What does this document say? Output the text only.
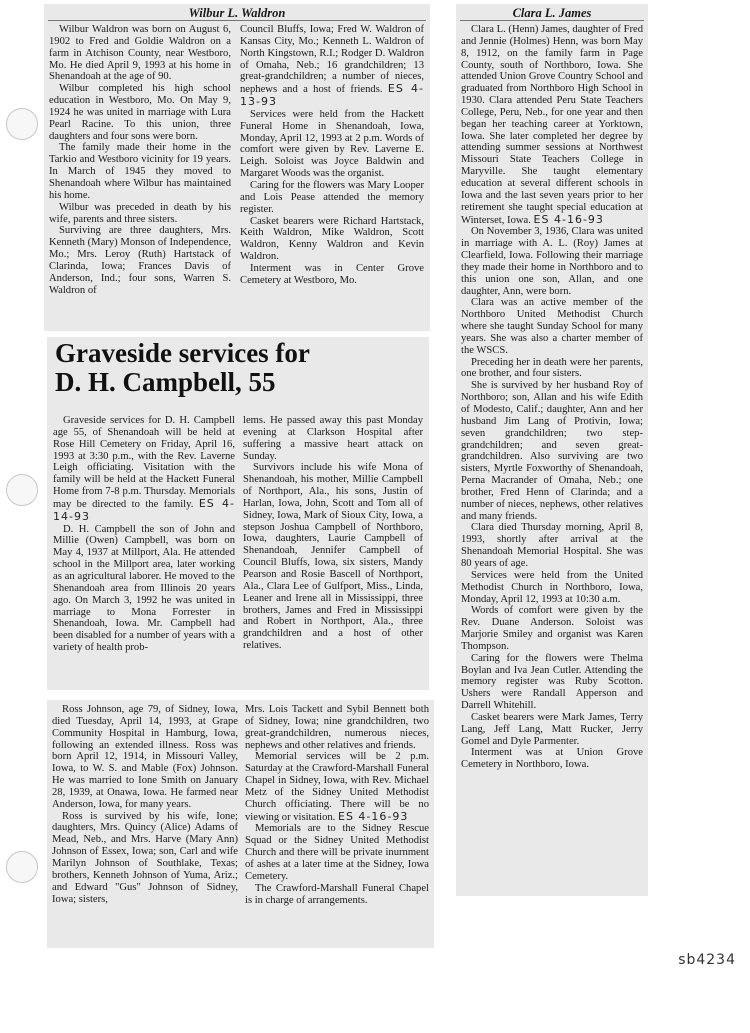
Wilbur L. Waldron

Wilbur Waldron was born on August 6, 1902 to Fred and Goldie Waldron on a farm in Atchison County, near Westboro, Mo. He died April 9, 1993 at his home in Shenandoah at the age of 90.

Wilbur completed his high school education in Westboro, Mo. On May 9, 1924 he was united in marriage with Lura Pearl Racine. To this union, three daughters and four sons were born.

The family made their home in the Tarkio and Westboro vicinity for 19 years. In March of 1945 they moved to Shenandoah where Wilbur has maintained his home.

Wilbur was preceded in death by his wife, parents and three sisters.

Surviving are three daughters, Mrs. Kenneth (Mary) Monson of Independence, Mo.; Mrs. Leroy (Ruth) Hartstack of Clarinda, Iowa; Frances Davis of Anderson, Ind.; four sons, Warren S. Waldron of

Council Bluffs, Iowa; Fred W. Waldron of Kansas City, Mo.; Kenneth L. Waldron of North Kingstown, R.I.; Rodger D. Waldron of Omaha, Neb.; 16 grandchildren; 13 great-grandchildren; a number of nieces, nephews and a host of friends. ES 4-13-93

Services were held from the Hackett Funeral Home in Shenandoah, Iowa, Monday, April 12, 1993 at 2 p.m. Words of comfort were given by Rev. Laverne E. Leigh. Soloist was Joyce Baldwin and Margaret Woods was the organist.

Caring for the flowers was Mary Looper and Lois Pease attended the memory register.

Casket bearers were Richard Hartstack, Keith Waldron, Mike Waldron, Scott Waldron, Kenny Waldron and Kevin Waldron.

Interment was in Center Grove Cemetery at Westboro, Mo.

Graveside services for
D. H. Campbell, 55

Graveside services for D. H. Campbell age 55, of Shenandoah will be held at Rose Hill Cemetery on Friday, April 16, 1993 at 3:30 p.m., with the Rev. Laverne Leigh officiating. Visitation with the family will be held at the Hackett Funeral Home from 7-8 p.m. Thursday. Memorials may be directed to the family. ES 4-14-93

D. H. Campbell the son of John and Millie (Owen) Campbell, was born on May 4, 1937 at Millport, Ala. He attended school in the Millport area, later working as an agricultural laborer. He moved to the Shenandoah area from Illinois 20 years ago. On March 3, 1992 he was united in marriage to Mona Forrester in Shenandoah, Iowa. Mr. Campbell had been disabled for a number of years with a variety of health prob-

lems. He passed away this past Monday evening at Clarkson Hospital after suffering a massive heart attack on Sunday.

Survivors include his wife Mona of Shenandoah, his mother, Millie Campbell of Northport, Ala., his sons, Justin of Harlan, Iowa, John, Scott and Tom all of Sidney, Iowa, Mark of Sioux City, Iowa, a stepson Joshua Campbell of Northboro, Iowa, daughters, Laurie Campbell of Shenandoah, Jennifer Campbell of Council Bluffs, Iowa, six sisters, Mandy Pearson and Rosie Bascell of Northport, Ala., Clara Lee of Gulfport, Miss., Linda, Leaner and Irene all in Mississippi, three brothers, James and Fred in Mississippi and Robert in Northport, Ala., three grandchildren and a host of other relatives.

Ross Johnson, age 79, of Sidney, Iowa, died Tuesday, April 14, 1993, at Grape Community Hospital in Hamburg, Iowa, following an extended illness. Ross was born April 12, 1914, in Missouri Valley, Iowa, to W. S. and Mable (Fox) Johnson. He was married to Ione Smith on January 28, 1939, at Onawa, Iowa. He farmed near Anderson, Iowa, for many years.

Ross is survived by his wife, Ione; daughters, Mrs. Quincy (Alice) Adams of Mead, Neb., and Mrs. Harve (Mary Ann) Johnson of Essex, Iowa; son, Carl and wife Marilyn Johnson of Southlake, Texas; brothers, Kenneth Johnson of Yuma, Ariz.; and Edward "Gus" Johnson of Sidney, Iowa; sisters,

Mrs. Lois Tackett and Sybil Bennett both of Sidney, Iowa; nine grandchildren, two great-grandchildren, numerous nieces, nephews and other relatives and friends.

Memorial services will be 2 p.m. Saturday at the Crawford-Marshall Funeral Chapel in Sidney, Iowa, with Rev. Michael Metz of the Sidney United Methodist Church officiating. There will be no viewing or visitation. ES 4-16-93

Memorials are to the Sidney Rescue Squad or the Sidney United Methodist Church and there will be private inurnment of ashes at a later time at the Sidney, Iowa Cemetery.

The Crawford-Marshall Funeral Chapel is in charge of arrangements.

Clara L. James

Clara L. (Henn) James, daughter of Fred and Jennie (Holmes) Henn, was born May 8, 1912, on the family farm in Page County, south of Northboro, Iowa. She attended Union Grove Country School and graduated from Northboro High School in 1930. Clara attended Peru State Teachers College, Peru, Neb., for one year and then began her teaching career at Yorktown, Iowa. She later completed her degree by attending summer sessions at Northwest Missouri State Teachers College in Maryville. She taught elementary education at several different schools in Iowa and the last seven years prior to her retirement she taught special education at Winterset, Iowa. ES 4-16-93

On November 3, 1936, Clara was united in marriage with A. L. (Roy) James at Clearfield, Iowa. Following their marriage they made their home in Northboro and to this union one son, Allan, and one daughter, Ann, were born.

Clara was an active member of the Northboro United Methodist Church where she taught Sunday School for many years. She was also a charter member of the WSCS.

Preceding her in death were her parents, one brother, and four sisters.

She is survived by her husband Roy of Northboro; son, Allan and his wife Edith of Modesto, Calif.; daughter, Ann and her husband Jim Lang of Protivin, Iowa; seven grandchildren; two step-grandchildren; and seven great-grandchildren. Also surviving are two sisters, Myrtle Foxworthy of Shenandoah, Perna Macrander of Omaha, Neb.; one brother, Fred Henn of Clarinda; and a number of nieces, nephews, other relatives and many friends.

Clara died Thursday morning, April 8, 1993, shortly after arrival at the Shenandoah Memorial Hospital. She was 80 years of age.

Services were held from the United Methodist Church in Northboro, Iowa, Monday, April 12, 1993 at 10:30 a.m.

Words of comfort were given by the Rev. Duane Anderson. Soloist was Marjorie Smiley and organist was Karen Thompson.

Caring for the flowers were Thelma Boylan and Iva Jean Cutler. Attending the memory register was Ruby Scotton. Ushers were Randall Apperson and Darrell Whitehill.

Casket bearers were Mark James, Terry Lang, Jeff Lang, Matt Rucker, Jerry Gomel and Dyle Parmenter.

Interment was at Union Grove Cemetery in Northboro, Iowa.

sb4234
